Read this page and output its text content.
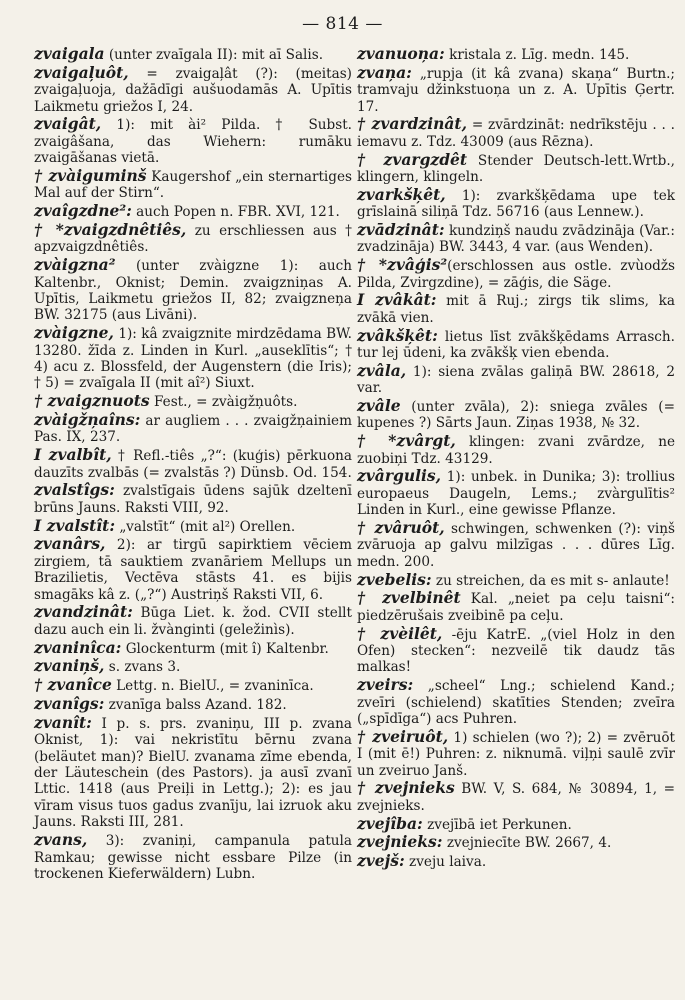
— 814 —

zvaigala (unter zvaīgala II): mit aī Salis.

zvaigaļuôt, = zvaigaļât (?): (meitas) zvaigaļuoja, dažādīgi aušuodamās A. Upītis Laikmetu griežos I, 24.

zvaigât, 1): mit ài² Pilda. † Subst. zvaigâšana, das Wiehern: rumāku zvaigāšanas vietā.

† zvàiguminš Kaugershof „ein sternartiges Mal auf der Stirn“.

zvaîgzdne²: auch Popen n. FBR. XVI, 121.

† *zvaigzdnêtiês, zu erschliessen aus † apzvaigzdnêtiês.

zvàigzna² (unter zvàigzne 1): auch Kaltenbr., Oknist; Demin. zvaigzniņas A. Upītis, Laikmetu griežos II, 82; zvaigzneņa BW. 32175 (aus Livāni).

zvàigzne, 1): kâ zvaigznite mirdzēdama BW. 13280. žīda z. Linden in Kurl. „auseklītis“; † 4) acu z. Blossfeld, der Augenstern (die Iris); † 5) = zvaīgala II (mit aî²) Siuxt.

† zvaigznuots Fest., = zvàigžņuôts.

zvàigžņaîns: ar augliem . . . zvaigžņainiem Pas. IX, 237.

I zvalbît, † Refl.-tiês „?“: (kuģis) pērkuona dauzīts zvalbās (= zvalstās ?) Dünsb. Od. 154.

zvalstîgs: zvalstīgais ūdens sajūk dzeltenī brūns Jauns. Raksti VIII, 92.

I zvalstît: „valstīt“ (mit al²) Orellen.

zvanârs, 2): ar tirgū sapirktiem vēciem zirgiem, tā sauktiem zvanāriem Mellups un Brazilietis, Vectēva stāsts 41. es bijis smagāks kâ z. („?“) Austriņš Raksti VII, 6.

zvandzinât: Būga Liet. k. žod. CVII stellt dazu auch ein li. žvànginti (geležinìs).

zvaninîca: Glockenturm (mit î) Kaltenbr.

zvaniņš, s. zvans 3.

† zvanîce Lettg. n. BielU., = zvaninīca.

zvanîgs: zvanīga balss Azand. 182.

zvanît: I p. s. prs. zvaniņu, III p. zvana Oknist, 1): vai nekristītu bērnu zvana (beläutet man)? BielU. zvanama zīme ebenda, der Läuteschein (des Pastors). ja ausī zvanī Lttic. 1418 (aus Preiļi in Lettg.); 2): es jau vīram visus tuos gadus zvanīju, lai izruok aku Jauns. Raksti III, 281.

zvans, 3): zvaniņi, campanula patula Ramkau; gewisse nicht essbare Pilze (in trockenen Kieferwäldern) Lubn.

zvanuoņa: kristala z. Līg. medn. 145.

zvaņa: „rupja (it kâ zvana) skaņa“ Burtn.; tramvaju džinkstuoņa un z. A. Upītis Ģertr. 17.

† zvardzinât, = zvārdzināt: nedrīkstēju . . . iemavu z. Tdz. 43009 (aus Rēzna).

† zvargzdêt Stender Deutsch-lett.Wrtb., klingern, klingeln.

zvarkšķêt, 1): zvarkšķēdama upe tek grīslainā siliņā Tdz. 56716 (aus Lennew.).

zvādzinât: kundziņš naudu zvādzināja (Var.: zvadzināja) BW. 3443, 4 var. (aus Wenden).

† *zvâģis²(erschlossen aus ostle. zvùodžs Pilda, Zvirgzdine), = zāģis, die Säge.

I zvâkât: mit ā Ruj.; zirgs tik slims, ka zvākā vien.

zvâkšķêt: lietus līst zvākšķēdams Arrasch. tur lej ūdeni, ka zvākšķ vien ebenda.

zvâla, 1): siena zvālas galiņā BW. 28618, 2 var.

zvâle (unter zvāla), 2): sniega zvāles (= kupenes ?) Sārts Jaun. Ziņas 1938, № 32.

† *zvârgt, klingen: zvani zvārdze, ne zuobiņi Tdz. 43129.

zvârgulis, 1): unbek. in Dunika; 3): trollius europaeus Daugeln, Lems.; zvàrgulītis² Linden in Kurl., eine gewisse Pflanze.

† zvâruôt, schwingen, schwenken (?): viņš zvāruoja ap galvu milzīgas . . . dūres Līg. medn. 200.

zvebelis: zu streichen, da es mit s- anlaute!

† zvelbinêt Kal. „neiet pa ceļu taisni“: piedzērušais zveibinē pa ceļu.

† zvèilêt, -ēju KatrE. „(viel Holz in den Ofen) stecken“: nezveilē tik daudz tās malkas!

zveirs: „scheel“ Lng.; schielend Kand.; zveīri (schielend) skatīties Stenden; zveīra („spīdīga“) acs Puhren.

† zveiruôt, 1) schielen (wo ?); 2) = zvēruōt I (mit ē!) Puhren: z. niknumā. viļņi saulē zvīr un zveiruo Janš.

† zvejnieks BW. V, S. 684, № 30894, 1, = zvejnieks.

zvejîba: zvejībā iet Perkunen.

zvejnieks: zvejniecīte BW. 2667, 4.

zvejš: zveju laiva.
